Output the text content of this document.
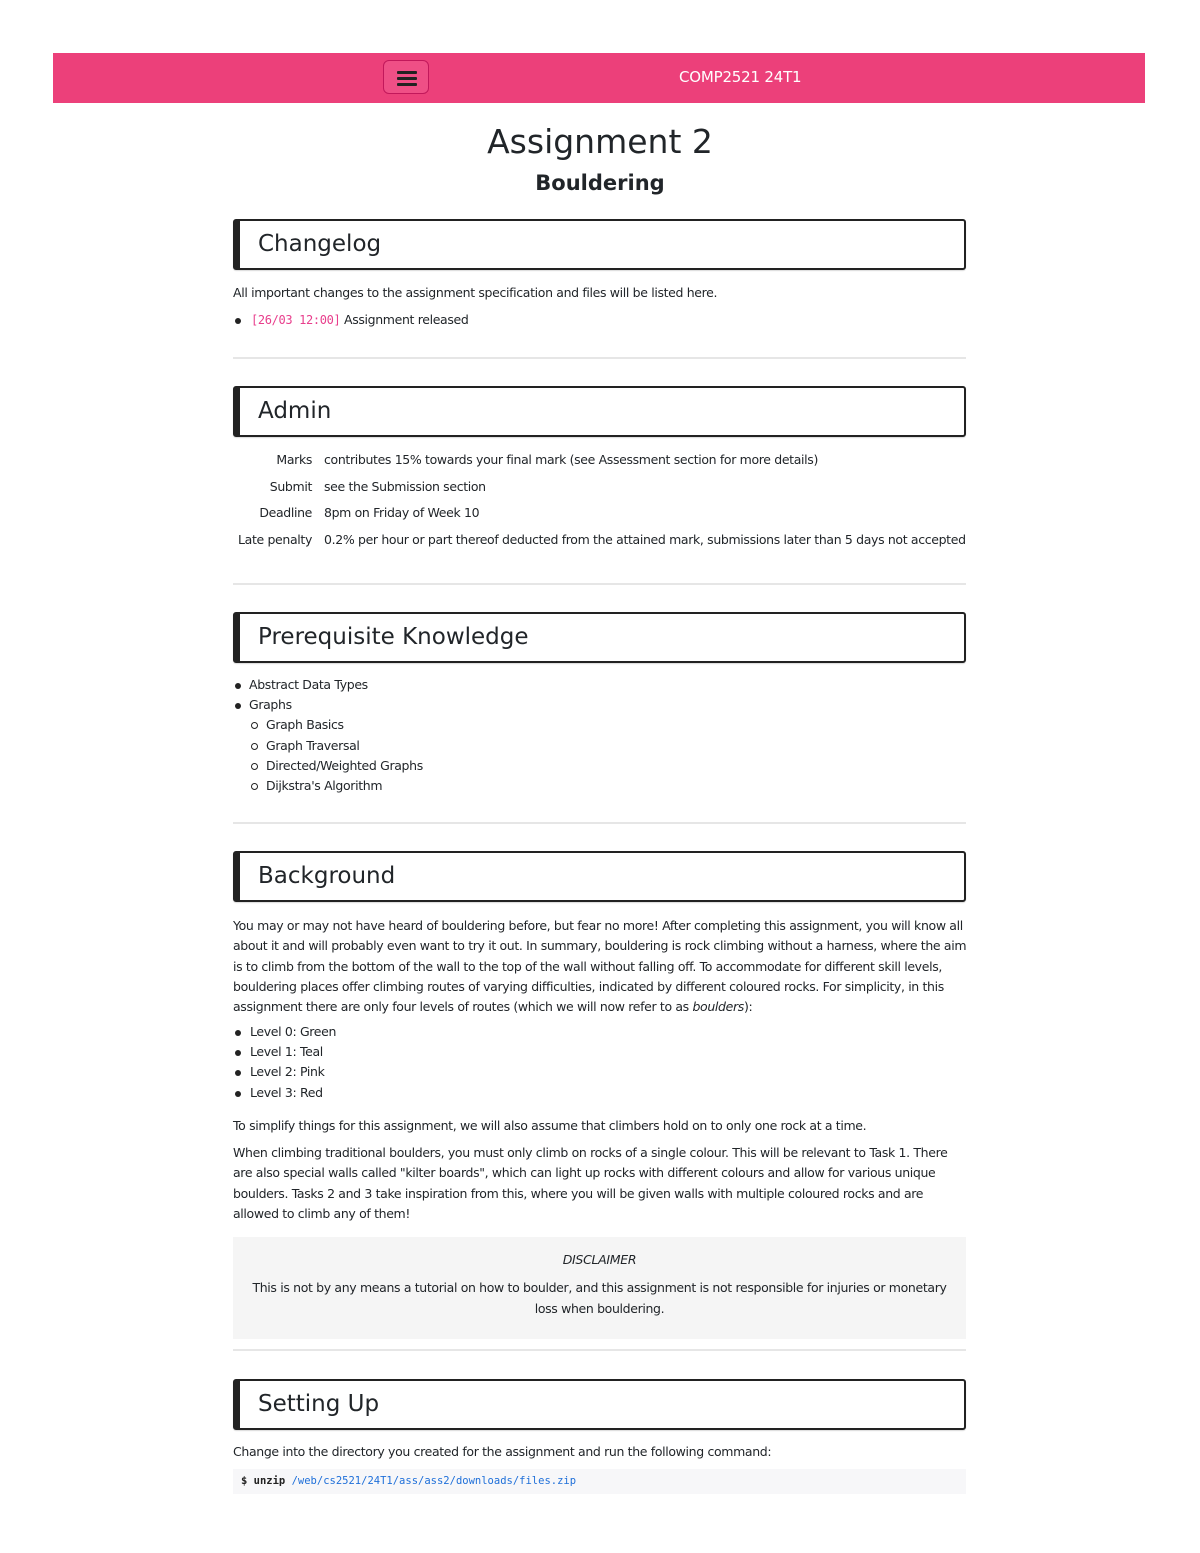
COMP2521 24T1
Assignment 2
Bouldering
Changelog
All important changes to the assignment specification and files will be listed here.
[26/03 12:00] Assignment released
Admin
Marks contributes 15% towards your final mark (see Assessment section for more details)
Submit see the Submission section
Deadline 8pm on Friday of Week 10
Late penalty 0.2% per hour or part thereof deducted from the attained mark, submissions later than 5 days not accepted
Prerequisite Knowledge
Abstract Data Types
Graphs
Graph Basics
Graph Traversal
Directed/Weighted Graphs
Dijkstra's Algorithm
Background

You may or may not have heard of bouldering before, but fear no more! After completing this assignment, you will know all about it and will probably even want to try it out. In summary, bouldering is rock climbing without a harness, where the aim is to climb from the bottom of the wall to the top of the wall without falling off. To accommodate for different skill levels, bouldering places offer climbing routes of varying difficulties, indicated by different coloured rocks. For simplicity, in this assignment there are only four levels of routes (which we will now refer to as boulders):

Level 0: Green
Level 1: Teal
Level 2: Pink
Level 3: Red

To simplify things for this assignment, we will also assume that climbers hold on to only one rock at a time.

When climbing traditional boulders, you must only climb on rocks of a single colour. This will be relevant to Task 1. There are also special walls called "kilter boards", which can light up rocks with different colours and allow for various unique boulders. Tasks 2 and 3 take inspiration from this, where you will be given walls with multiple coloured rocks and are allowed to climb any of them!

DISCLAIMER
This is not by any means a tutorial on how to boulder, and this assignment is not responsible for injuries or monetary loss when bouldering.
Setting Up
Change into the directory you created for the assignment and run the following command:
$ unzip /web/cs2521/24T1/ass/ass2/downloads/files.zip
